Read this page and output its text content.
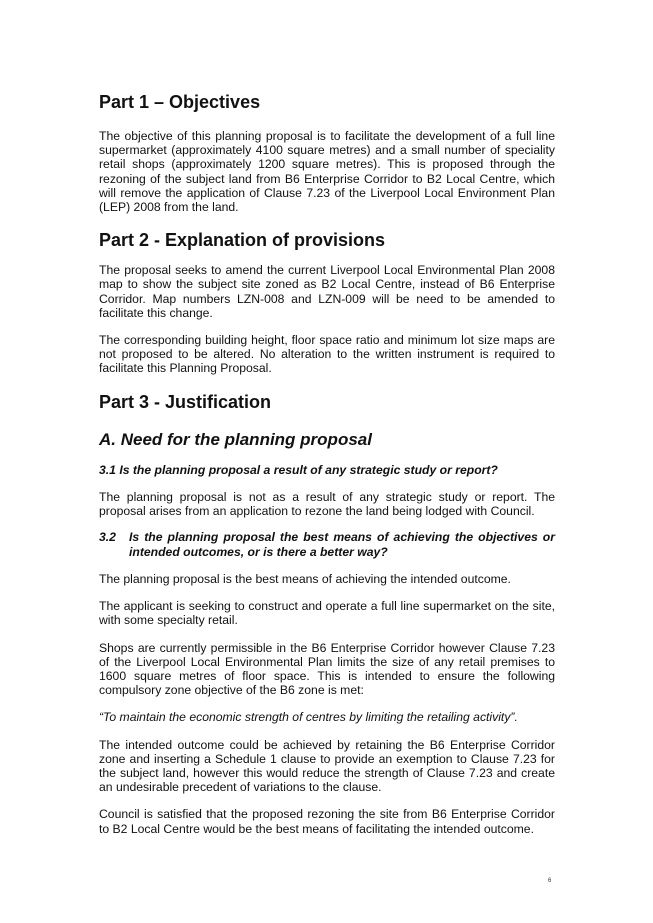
Part 1 – Objectives

The objective of this planning proposal is to facilitate the development of a full line supermarket (approximately 4100 square metres) and a small number of speciality retail shops (approximately 1200 square metres). This is proposed through the rezoning of the subject land from B6 Enterprise Corridor to B2 Local Centre, which will remove the application of Clause 7.23 of the Liverpool Local Environment Plan (LEP) 2008 from the land.

Part 2 - Explanation of provisions

The proposal seeks to amend the current Liverpool Local Environmental Plan 2008 map to show the subject site zoned as B2 Local Centre, instead of B6 Enterprise Corridor. Map numbers LZN-008 and LZN-009 will be need to be amended to facilitate this change.

The corresponding building height, floor space ratio and minimum lot size maps are not proposed to be altered. No alteration to the written instrument is required to facilitate this Planning Proposal.

Part 3 - Justification
A. Need for the planning proposal
3.1 Is the planning proposal a result of any strategic study or report?

The planning proposal is not as a result of any strategic study or report. The proposal arises from an application to rezone the land being lodged with Council.

3.2	Is the planning proposal the best means of achieving the objectives or intended outcomes, or is there a better way?

The planning proposal is the best means of achieving the intended outcome.

The applicant is seeking to construct and operate a full line supermarket on the site, with some specialty retail.

Shops are currently permissible in the B6 Enterprise Corridor however Clause 7.23 of the Liverpool Local Environmental Plan limits the size of any retail premises to 1600 square metres of floor space. This is intended to ensure the following compulsory zone objective of the B6 zone is met:

“To maintain the economic strength of centres by limiting the retailing activity”.

The intended outcome could be achieved by retaining the B6 Enterprise Corridor zone and inserting a Schedule 1 clause to provide an exemption to Clause 7.23 for the subject land, however this would reduce the strength of Clause 7.23 and create an undesirable precedent of variations to the clause.

Council is satisfied that the proposed rezoning the site from B6 Enterprise Corridor to B2 Local Centre would be the best means of facilitating the intended outcome.

6
